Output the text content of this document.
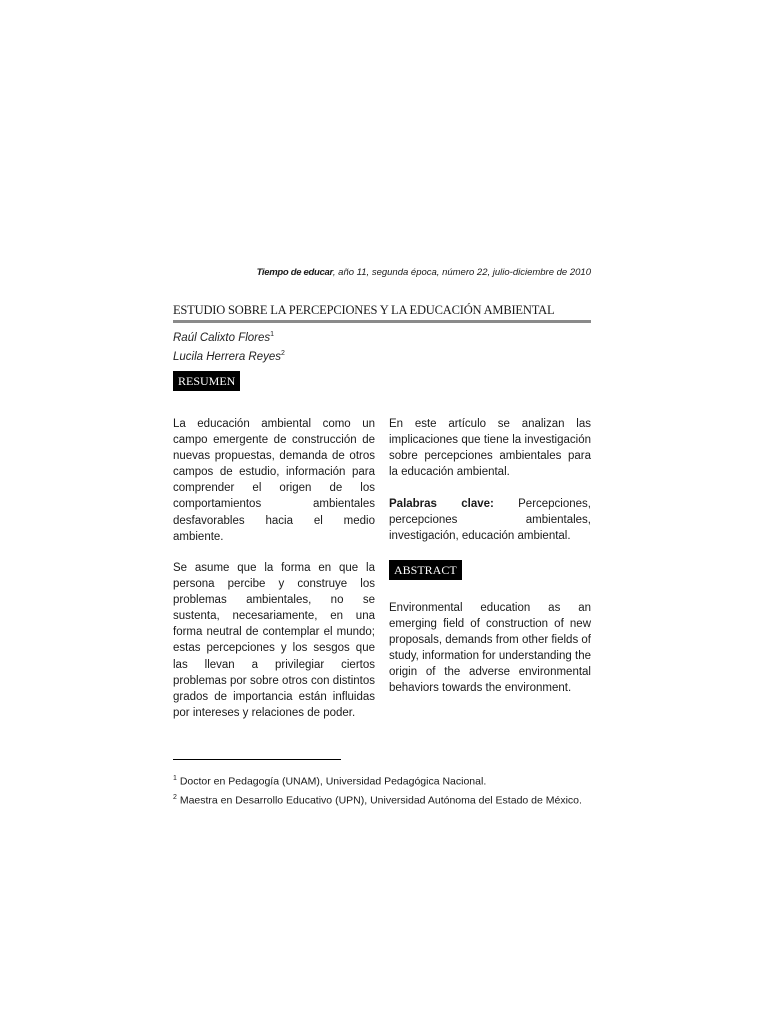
Tiempo de educar, año 11, segunda época, número 22, julio-diciembre de 2010
ESTUDIO SOBRE LA PERCEPCIONES Y LA EDUCACIÓN AMBIENTAL
Raúl Calixto Flores$^1$
Lucila Herrera Reyes$^2$
RESUMEN
La educación ambiental como un campo emergente de construcción de nuevas propuestas, demanda de otros campos de estudio, información para comprender el origen de los comportamientos ambientales desfavorables hacia el medio ambiente.
Se asume que la forma en que la persona percibe y construye los problemas ambientales, no se sustenta, necesariamente, en una forma neutral de contemplar el mundo; estas percepciones y los sesgos que las llevan a privilegiar ciertos problemas por sobre otros con distintos grados de importancia están influidas por intereses y relaciones de poder.
En este artículo se analizan las implicaciones que tiene la investigación sobre percepciones ambientales para la educación ambiental.
Palabras clave: Percepciones, percepciones ambientales, investigación, educación ambiental.
ABSTRACT
Environmental education as an emerging field of construction of new proposals, demands from other fields of study, information for understanding the origin of the adverse environmental behaviors towards the environment.
$^1$ Doctor en Pedagogía (UNAM), Universidad Pedagógica Nacional.
$^2$ Maestra en Desarrollo Educativo (UPN), Universidad Autónoma del Estado de México.
